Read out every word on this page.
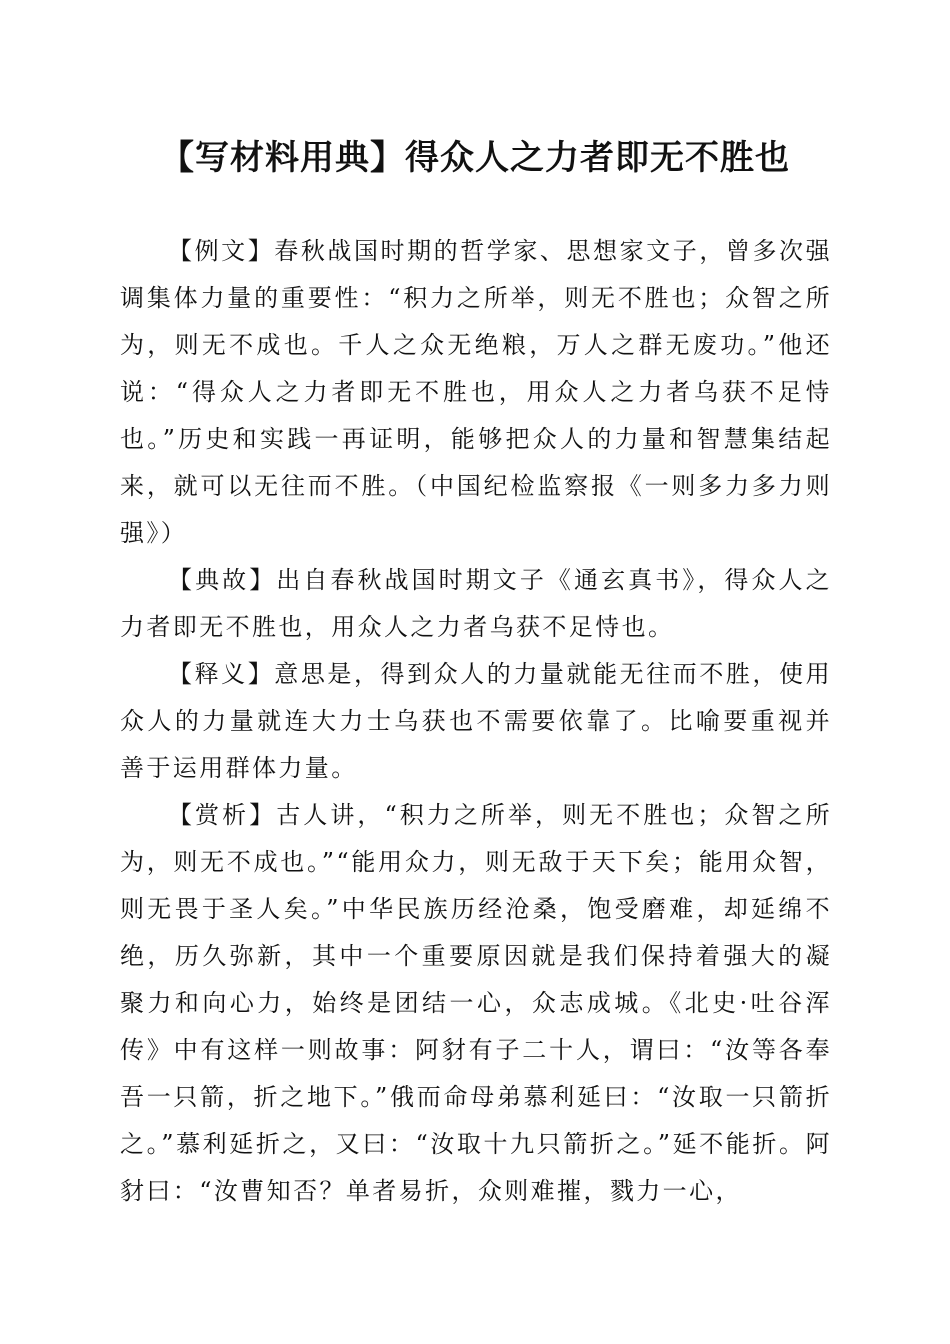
【写材料用典】得众人之力者即无不胜也

【例文】春秋战国时期的哲学家、思想家文子，曾多次强调集体力量的重要性：“积力之所举，则无不胜也；众智之所为，则无不成也。千人之众无绝粮，万人之群无废功。”他还说：“得众人之力者即无不胜也，用众人之力者乌获不足恃也。”历史和实践一再证明，能够把众人的力量和智慧集结起来，就可以无往而不胜。（中国纪检监察报《一则多力多力则强》）

【典故】出自春秋战国时期文子《通玄真书》，得众人之力者即无不胜也，用众人之力者乌获不足恃也。

【释义】意思是，得到众人的力量就能无往而不胜，使用众人的力量就连大力士乌获也不需要依靠了。比喻要重视并善于运用群体力量。

【赏析】古人讲，“积力之所举，则无不胜也；众智之所为，则无不成也。”“能用众力，则无敌于天下矣；能用众智，则无畏于圣人矣。”中华民族历经沧桑，饱受磨难，却延绵不绝，历久弥新，其中一个重要原因就是我们保持着强大的凝聚力和向心力，始终是团结一心，众志成城。《北史·吐谷浑传》中有这样一则故事：阿豺有子二十人，谓曰：“汝等各奉吾一只箭，折之地下。”俄而命母弟慕利延曰：“汝取一只箭折之。”慕利延折之，又曰：“汝取十九只箭折之。”延不能折。阿豺曰：“汝曹知否？单者易折，众则难摧，戮力一心，
